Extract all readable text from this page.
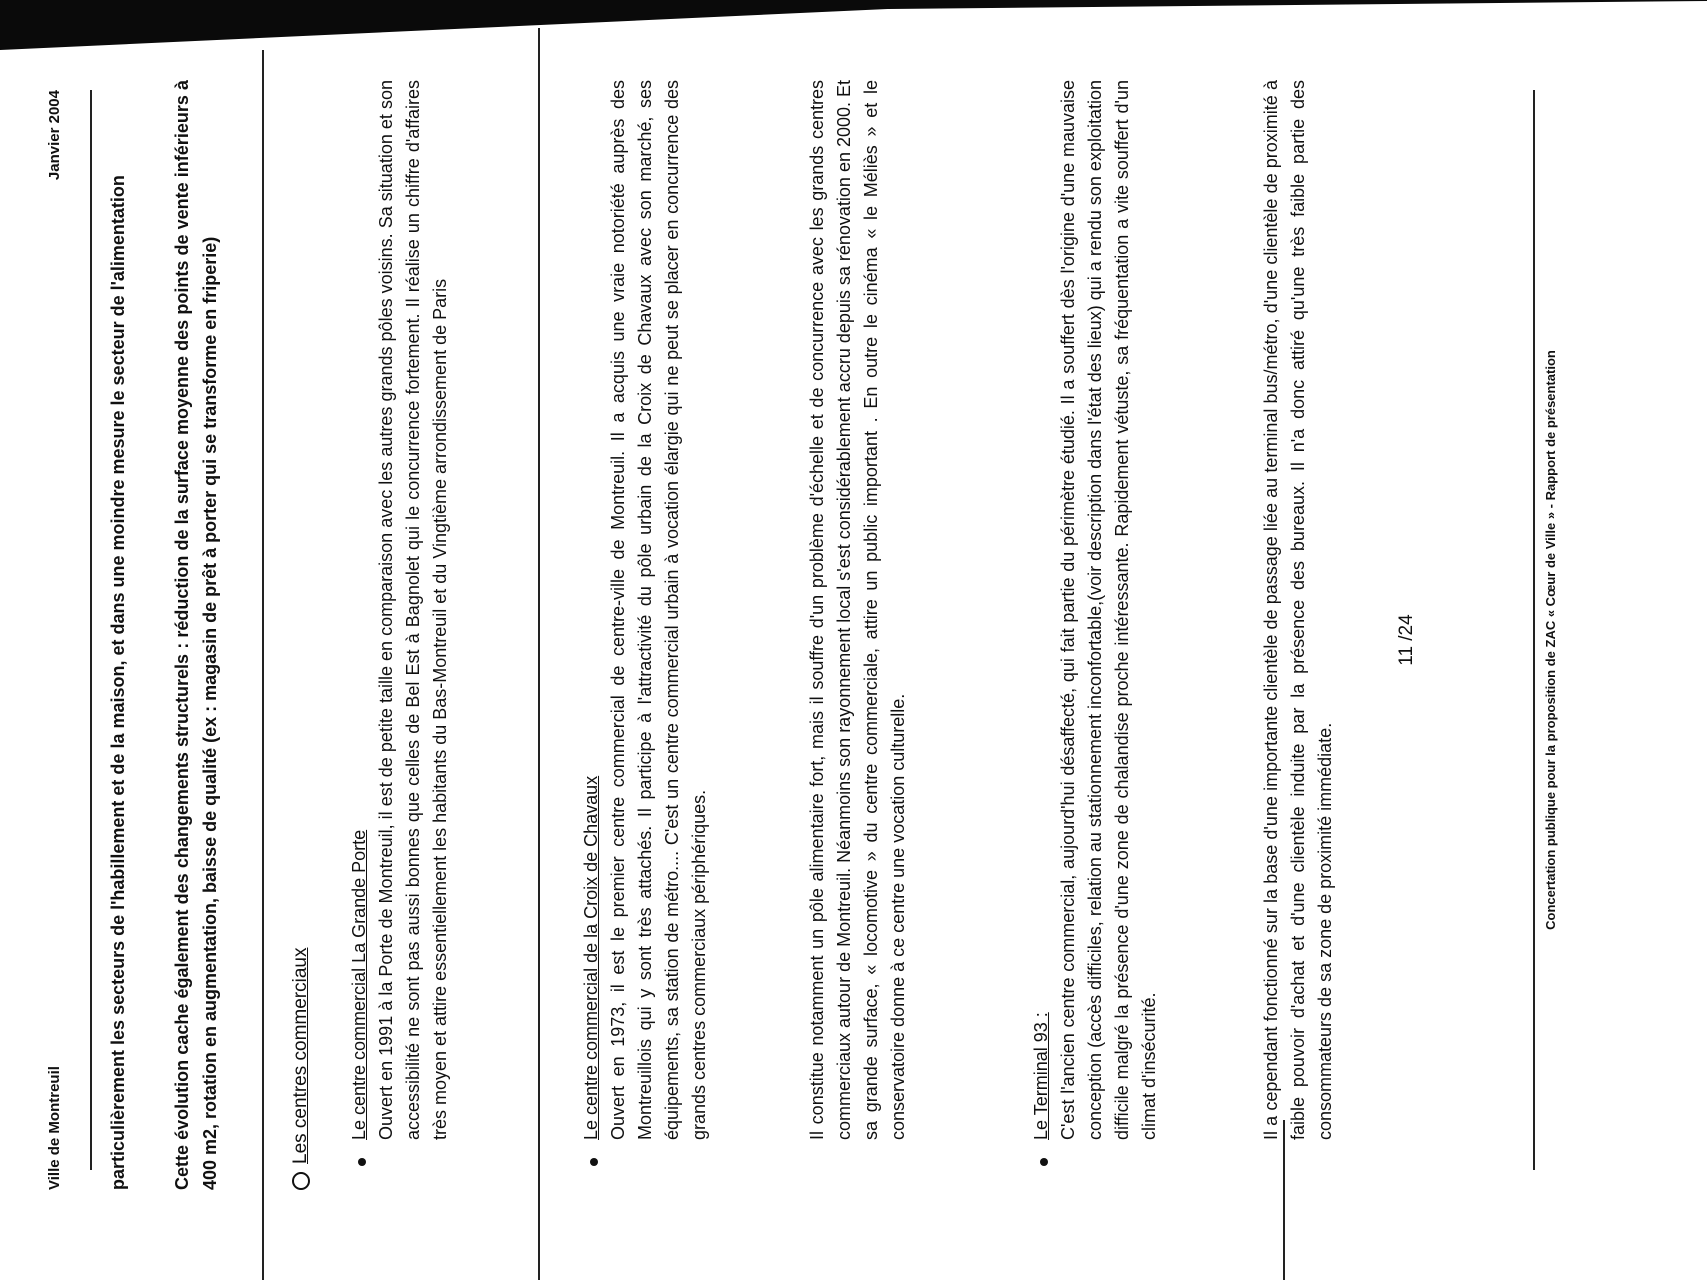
Ville de Montreuil
Janvier 2004
particulièrement les secteurs de l'habillement et de la maison, et dans une moindre mesure le secteur de l'alimentation Cette évolution cache également des changements structurels : réduction de la surface moyenne des points de vente inférieurs à 400 m2, rotation en augmentation, baisse de qualité (ex : magasin de prêt à porter qui se transforme en friperie)	Les centres commerciaux Le centre commercial La Grande Porte Ouvert en 1991 à la Porte de Montreuil, il est de petite taille en comparaison avec les autres grands pôles voisins. Sa situation et son accessibilité ne sont pas aussi bonnes que celles de Bel Est à Bagnolet qui le concurrence fortement. Il réalise un chiffre d'affaires très moyen et attire essentiellement les habitants du Bas-Montreuil et du Vingtième arrondissement de Paris	Le centre commercial de la Croix de Chavaux Ouvert en 1973, il est le premier centre commercial de centre-ville de Montreuil. Il a acquis une vraie notoriété auprès des Montreuillois qui y sont très attachés. Il participe à l'attractivité du pôle urbain de la Croix de Chavaux avec son marché, ses équipements, sa station de métro.... C'est un centre commercial urbain à vocation élargie qui ne peut se placer en concurrence des grands centres commerciaux périphériques.	Il constitue notamment un pôle alimentaire fort, mais il souffre d'un problème d'échelle et de concurrence avec les grands centres commerciaux autour de Montreuil. Néanmoins son rayonnement local s'est considérablement accru depuis sa rénovation en 2000. Et sa grande surface, « locomotive » du centre commerciale, attire un public important . En outre le cinéma « le Méliès » et le conservatoire donne à ce centre une vocation culturelle.	Le Terminal 93 : C'est l'ancien centre commercial, aujourd'hui désaffecté, qui fait partie du périmètre étudié. Il a souffert dès l'origine d'une mauvaise conception (accès difficiles, relation au stationnement inconfortable,(voir description dans l'état des lieux) qui a rendu son exploitation difficile malgré la présence d'une zone de chalandise proche intéressante. Rapidement vétuste, sa fréquentation a vite souffert d'un climat d'insécurité.	Il a cependant fonctionné sur la base d'une importante clientèle de passage liée au terminal bus/métro, d'une clientèle de proximité à faible pouvoir d'achat et d'une clientèle induite par la présence des bureaux. Il n'a donc attiré qu'une très faible partie des consommateurs de sa zone de proximité immédiate.
11 /24	Concertation publique pour la proposition de ZAC « Cœur de Ville » - Rapport de présentation
